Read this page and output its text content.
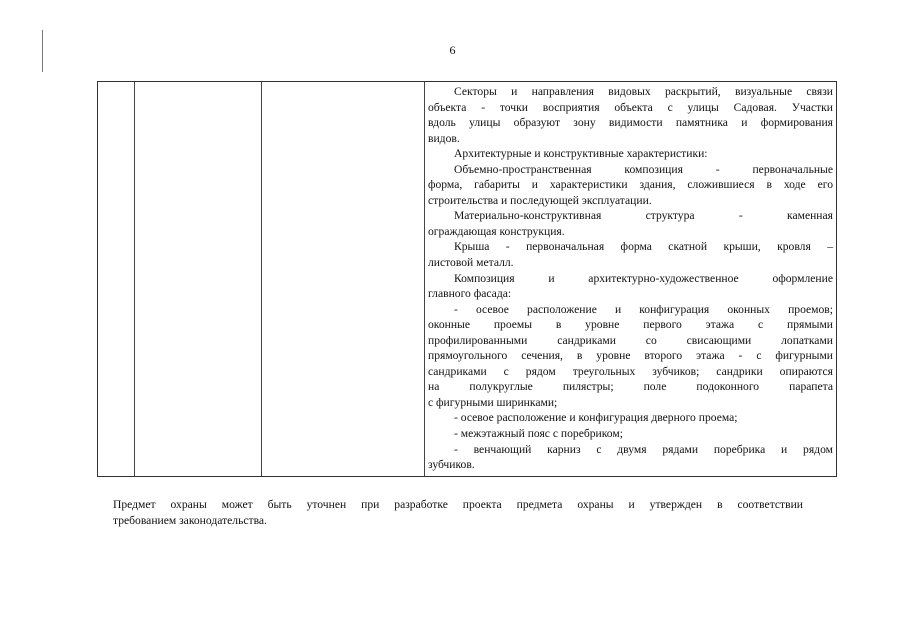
6

Секторы и направления видовых раскрытий, визуальные связи

объекта - точки восприятия объекта с улицы Садовая. Участки

вдоль улицы образуют зону видимости памятника и формирования

видов.

Архитектурные и конструктивные характеристики:

Объемно-пространственная композиция - первоначальные

форма, габариты и характеристики здания, сложившиеся в ходе его

строительства и последующей эксплуатации.

Материально-конструктивная структура - каменная

ограждающая конструкция.

Крыша - первоначальная форма скатной крыши, кровля –

листовой металл.

Композиция и архитектурно-художественное оформление

главного фасада:

- осевое расположение и конфигурация оконных проемов;

оконные проемы в уровне первого этажа с прямыми

профилированными сандриками со свисающими лопатками

прямоугольного сечения, в уровне второго этажа - с фигурными

сандриками с рядом треугольных зубчиков; сандрики опираются

на полукруглые пилястры; поле подоконного парапета

с фигурными ширинками;

- осевое расположение и конфигурация дверного проема;

- межэтажный пояс с поребриком;

- венчающий карниз с двумя рядами поребрика и рядом

зубчиков.

Предмет охраны может быть уточнен при разработке проекта предмета охраны и утвержден в соответствии

требованием законодательства.
